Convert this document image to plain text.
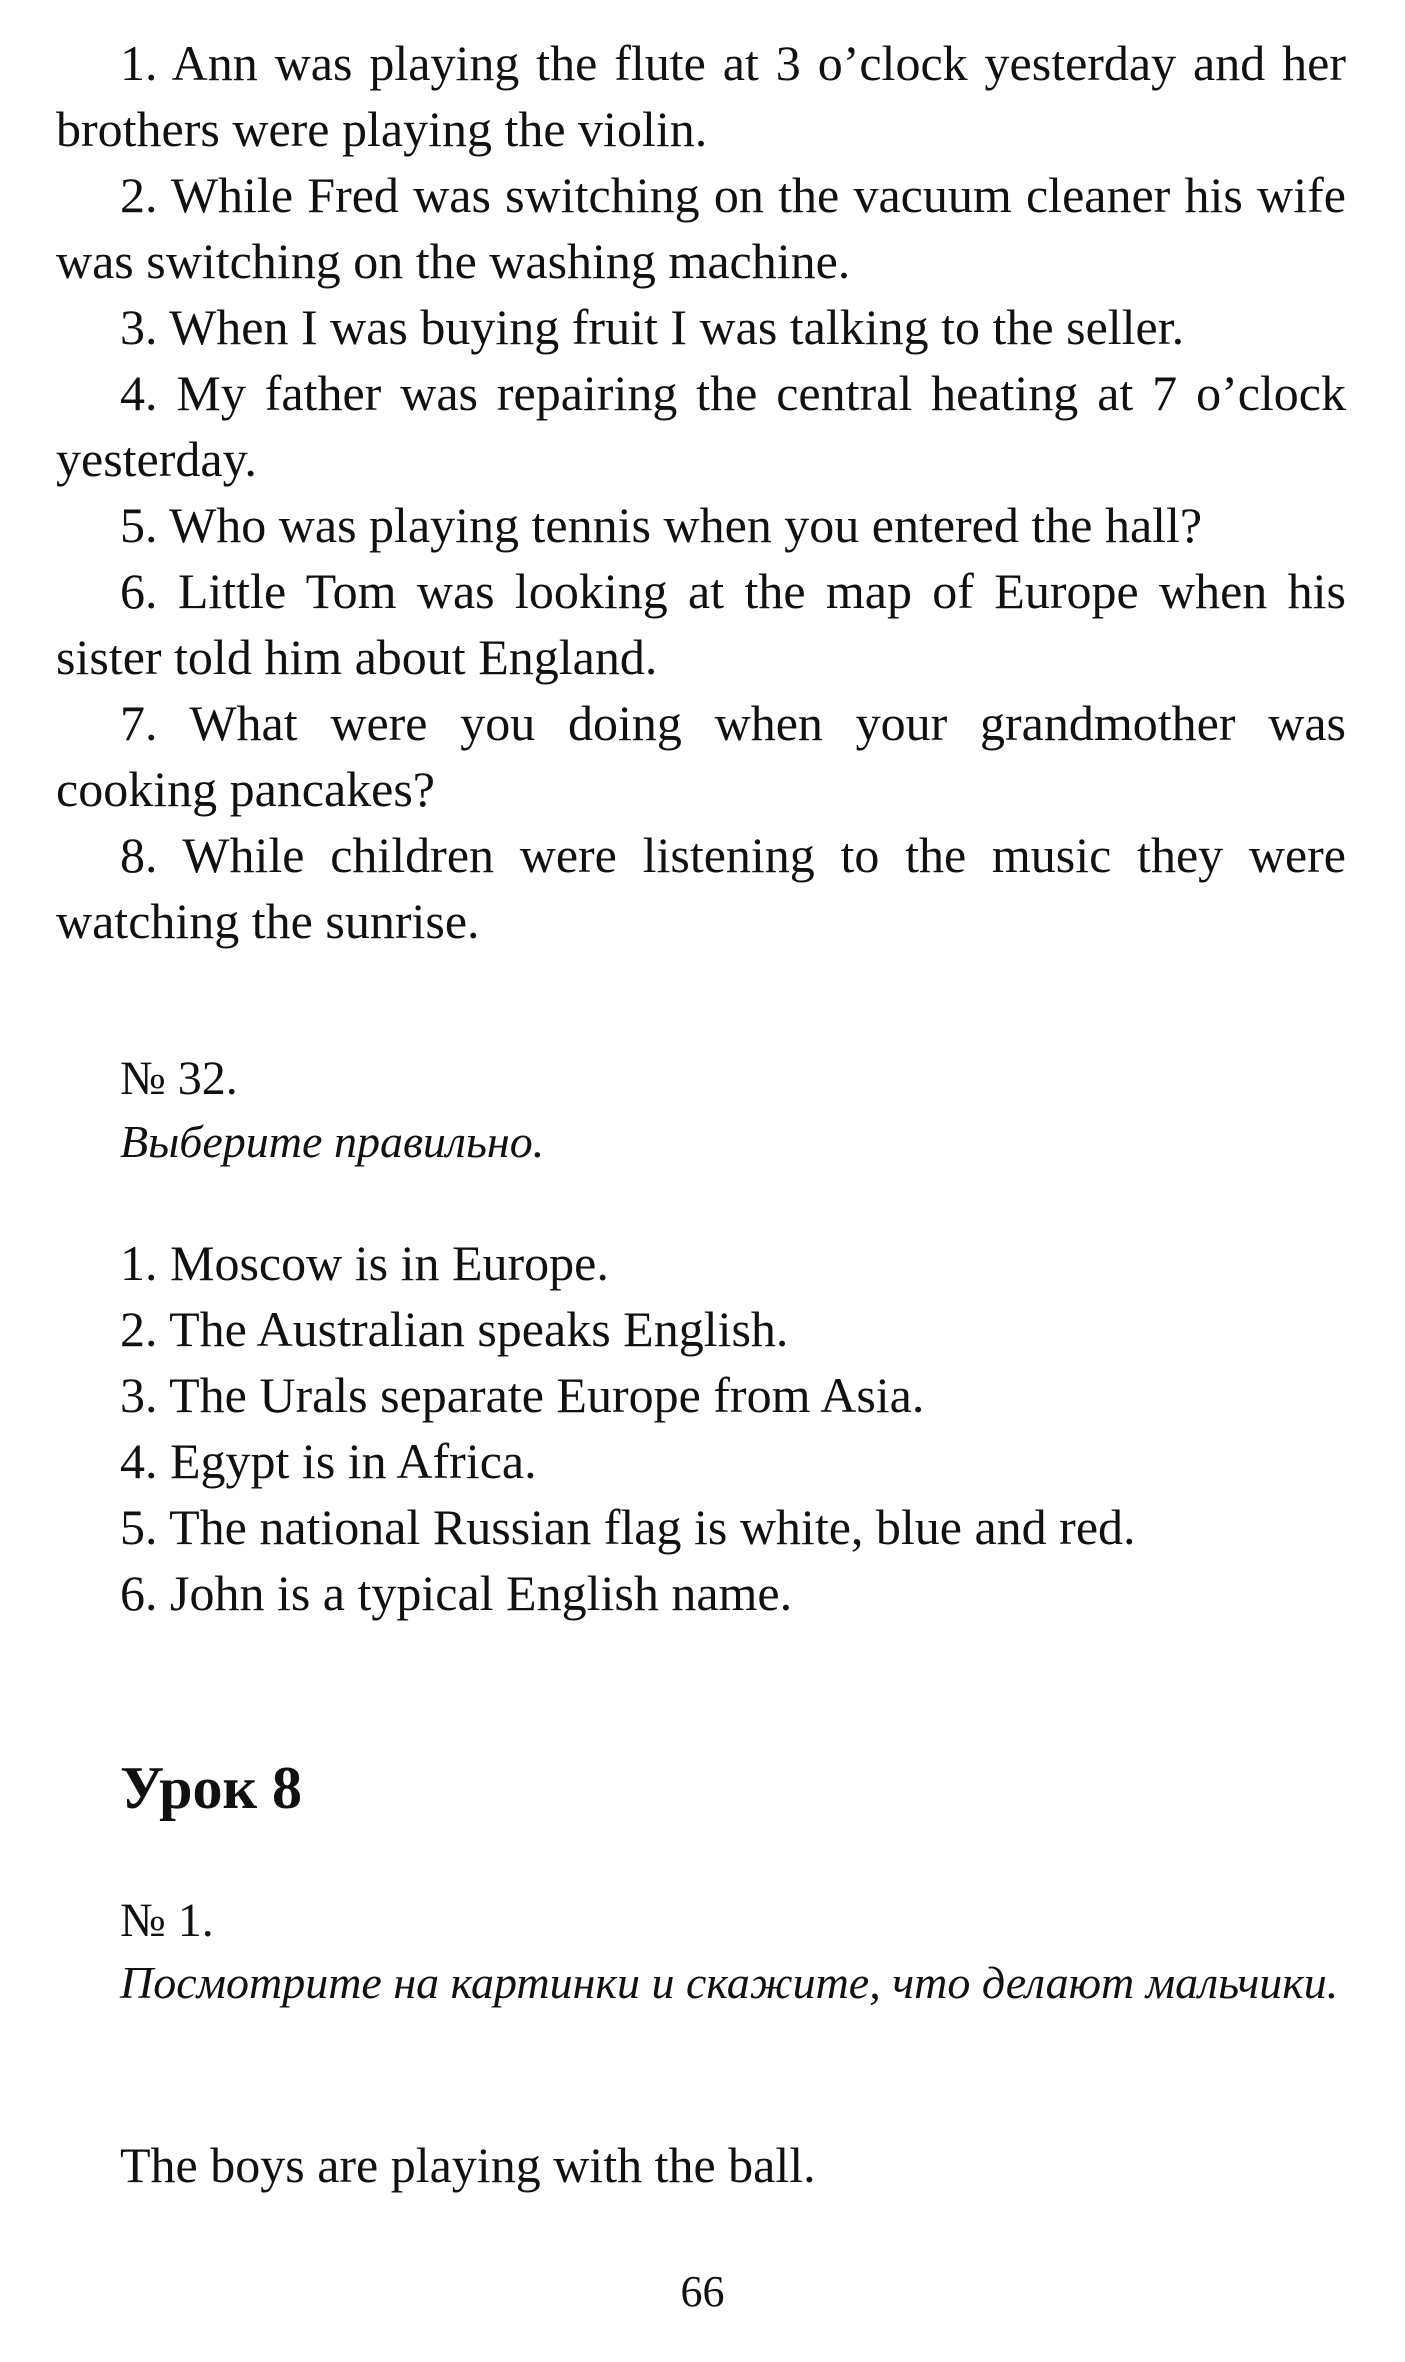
1. Ann was playing the flute at 3 o’clock yesterday and her brothers were playing the violin.

2. While Fred was switching on the vacuum cleaner his wife was switching on the washing machine.

3. When I was buying fruit I was talking to the seller.

4. My father was repairing the central heating at 7 o’clock yesterday.

5. Who was playing tennis when you entered the hall?

6. Little Tom was looking at the map of Europe when his sister told him about England.

7. What were you doing when your grandmother was cooking pancakes?

8. While children were listening to the music they were watching the sunrise.

№ 32.

Выберите правильно.

1. Moscow is in Europe.

2. The Australian speaks English.

3. The Urals separate Europe from Asia.

4. Egypt is in Africa.

5. The national Russian flag is white, blue and red.

6. John is a typical English name.

Урок 8

№ 1.

Посмотрите на картинки и скажите, что делают мальчики.

The boys are playing with the ball.

66
